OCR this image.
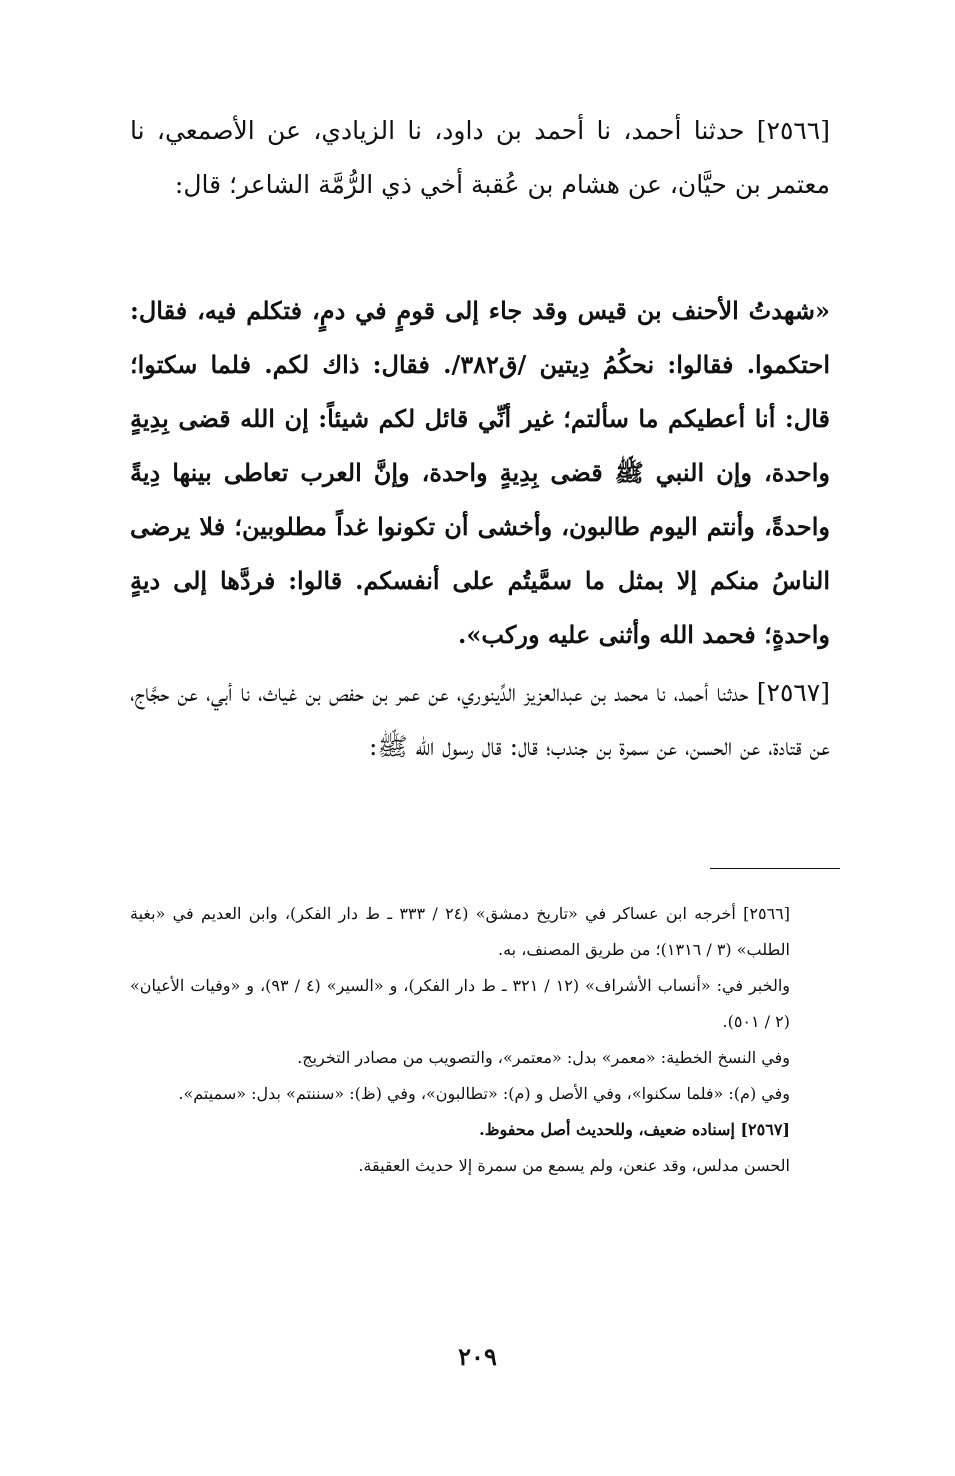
[٢٥٦٦] حدثنا أحمد، نا أحمد بن داود، نا الزيادي، عن الأصمعي، نا معتمر بن حيَّان، عن هشام بن عُقبة أخي ذي الرُّمَّة الشاعر؛ قال:

«شهدتُ الأحنف بن قيس وقد جاء إلى قومٍ في دمٍ، فتكلم فيه، فقال: احتكموا. فقالوا: نحكُمُ دِيتين /ق٣٨٢/. فقال: ذاك لكم. فلما سكتوا؛ قال: أنا أعطيكم ما سألتم؛ غير أنِّي قائل لكم شيئاً: إن الله قضى بِدِيةٍ واحدة، وإن النبي ﷺ قضى بِدِيةٍ واحدة، وإنَّ العرب تعاطى بينها دِيةً واحدةً، وأنتم اليوم طالبون، وأخشى أن تكونوا غداً مطلوبين؛ فلا يرضى الناسُ منكم إلا بمثل ما سمَّيتُم على أنفسكم. قالوا: فردَّها إلى ديةٍ واحدةٍ؛ فحمد الله وأثنى عليه وركب».

[٢٥٦٧] حدثنا أحمد، نا محمد بن عبدالعزيز الدِّينوري، عن عمر بن حفص بن غياث، نا أبي، عن حجَّاج، عن قتادة، عن الحسن، عن سمرة بن جندب؛ قال: قال رسول الله ﷺ:

[٢٥٦٦] أخرجه ابن عساكر في «تاريخ دمشق» (٢٤ / ٣٣٣ ـ ط دار الفكر)، وابن العديم في «بغية الطلب» (٣ / ١٣١٦)؛ من طريق المصنف، به.

والخبر في: «أنساب الأشراف» (١٢ / ٣٢١ ـ ط دار الفكر)، و «السير» (٤ / ٩٣)، و «وفيات الأعيان» (٢ / ٥٠١).

وفي النسخ الخطية: «معمر» بدل: «معتمر»، والتصويب من مصادر التخريج.

وفي (م): «فلما سكنوا»، وفي الأصل و (م): «تطالبون»، وفي (ظ): «سننتم» بدل: «سميتم».

[٢٥٦٧] إسناده ضعيف، وللحديث أصل محفوظ.

الحسن مدلس، وقد عنعن، ولم يسمع من سمرة إلا حديث العقيقة.

٢٠٩
